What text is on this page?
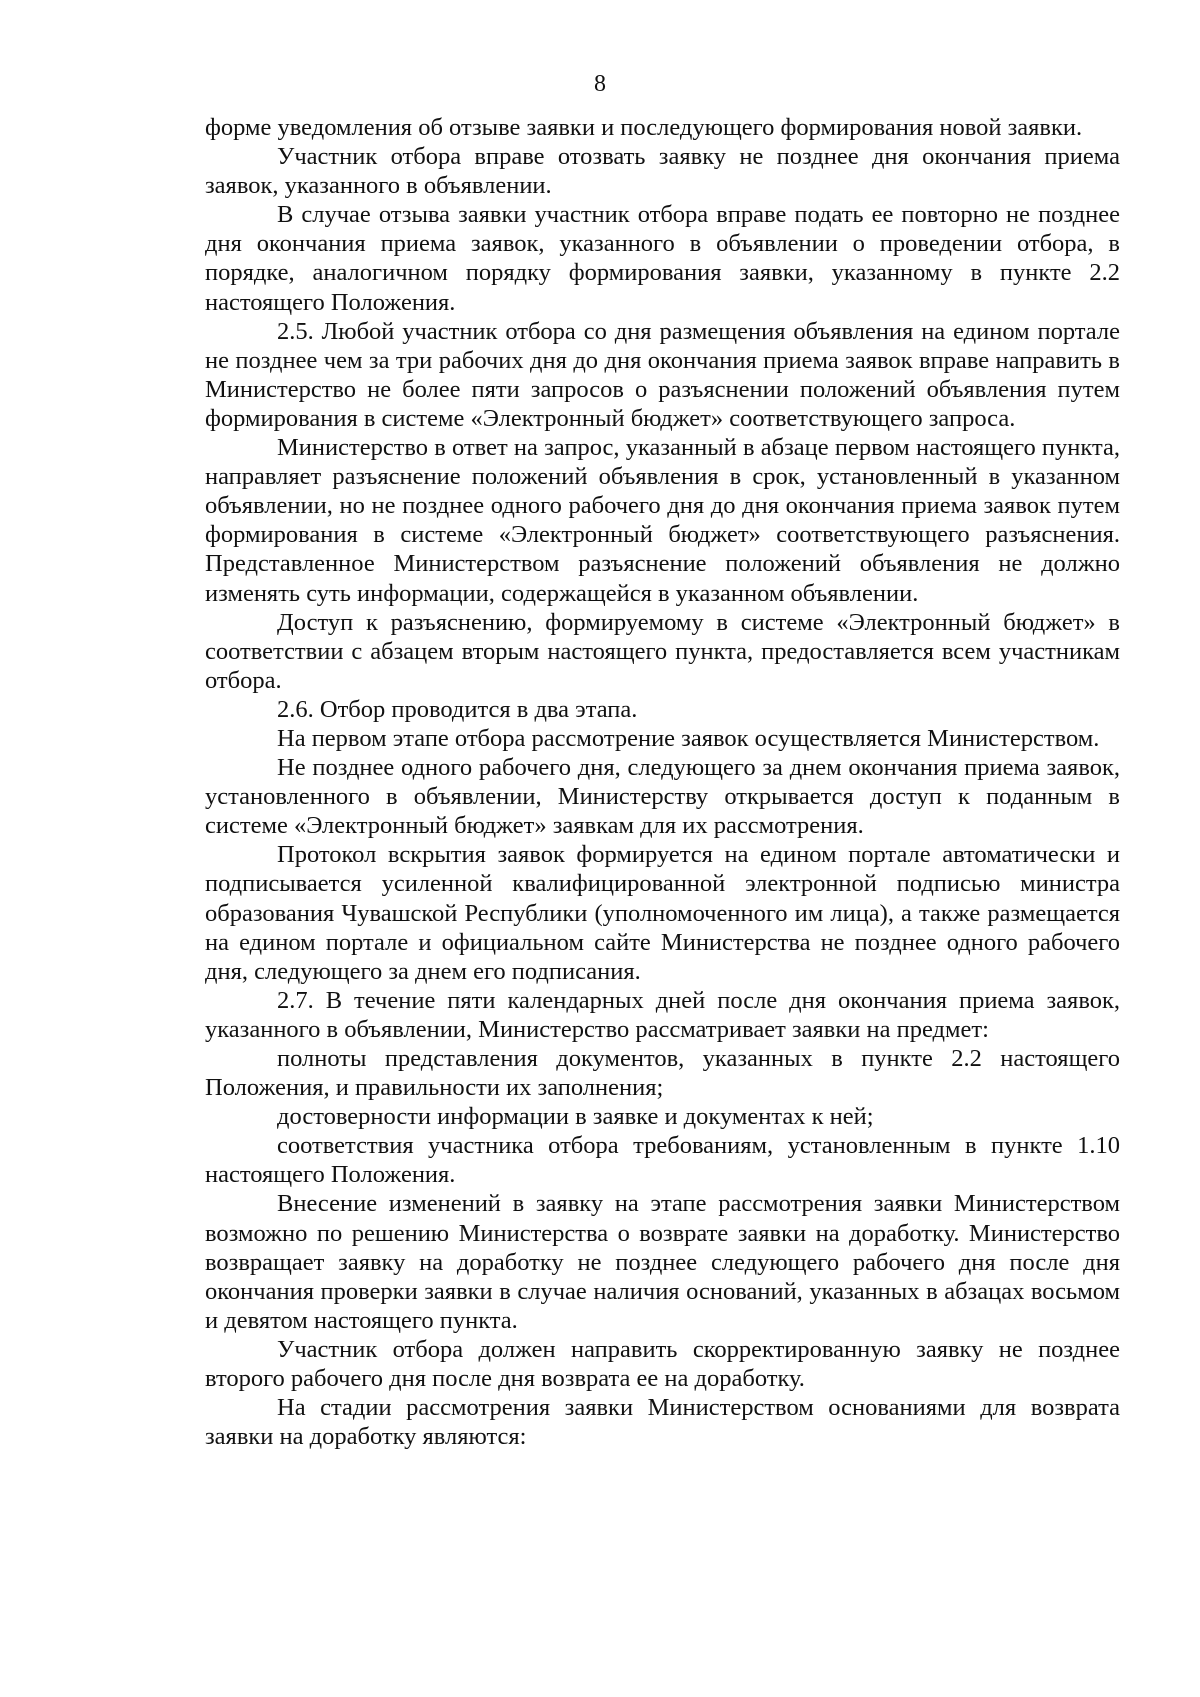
8

форме уведомления об отзыве заявки и последующего формирования новой заявки.

Участник отбора вправе отозвать заявку не позднее дня окончания приема заявок, указанного в объявлении.

В случае отзыва заявки участник отбора вправе подать ее повторно не позднее дня окончания приема заявок, указанного в объявлении о проведении отбора, в порядке, аналогичном порядку формирования заявки, указанному в пункте 2.2 настоящего Положения.

2.5. Любой участник отбора со дня размещения объявления на едином портале не позднее чем за три рабочих дня до дня окончания приема заявок вправе направить в Министерство не более пяти запросов о разъяснении положений объявления путем формирования в системе «Электронный бюджет» соответствующего запроса.

Министерство в ответ на запрос, указанный в абзаце первом настоящего пункта, направляет разъяснение положений объявления в срок, установленный в указанном объявлении, но не позднее одного рабочего дня до дня окончания приема заявок путем формирования в системе «Электронный бюджет» соответствующего разъяснения. Представленное Министерством разъяснение положений объявления не должно изменять суть информации, содержащейся в указанном объявлении.

Доступ к разъяснению, формируемому в системе «Электронный бюджет» в соответствии с абзацем вторым настоящего пункта, предоставляется всем участникам отбора.

2.6. Отбор проводится в два этапа.

На первом этапе отбора рассмотрение заявок осуществляется Министерством.

Не позднее одного рабочего дня, следующего за днем окончания приема заявок, установленного в объявлении, Министерству открывается доступ к поданным в системе «Электронный бюджет» заявкам для их рассмотрения.

Протокол вскрытия заявок формируется на едином портале автоматически и подписывается усиленной квалифицированной электронной подписью министра образования Чувашской Республики (уполномоченного им лица), а также размещается на едином портале и официальном сайте Министерства не позднее одного рабочего дня, следующего за днем его подписания.

2.7. В течение пяти календарных дней после дня окончания приема заявок, указанного в объявлении, Министерство рассматривает заявки на предмет:

полноты представления документов, указанных в пункте 2.2 настоящего Положения, и правильности их заполнения;

достоверности информации в заявке и документах к ней;

соответствия участника отбора требованиям, установленным в пункте 1.10 настоящего Положения.

Внесение изменений в заявку на этапе рассмотрения заявки Министерством возможно по решению Министерства о возврате заявки на доработку. Министерство возвращает заявку на доработку не позднее следующего рабочего дня после дня окончания проверки заявки в случае наличия оснований, указанных в абзацах восьмом и девятом настоящего пункта.

Участник отбора должен направить скорректированную заявку не позднее второго рабочего дня после дня возврата ее на доработку.

На стадии рассмотрения заявки Министерством основаниями для возврата заявки на доработку являются:
